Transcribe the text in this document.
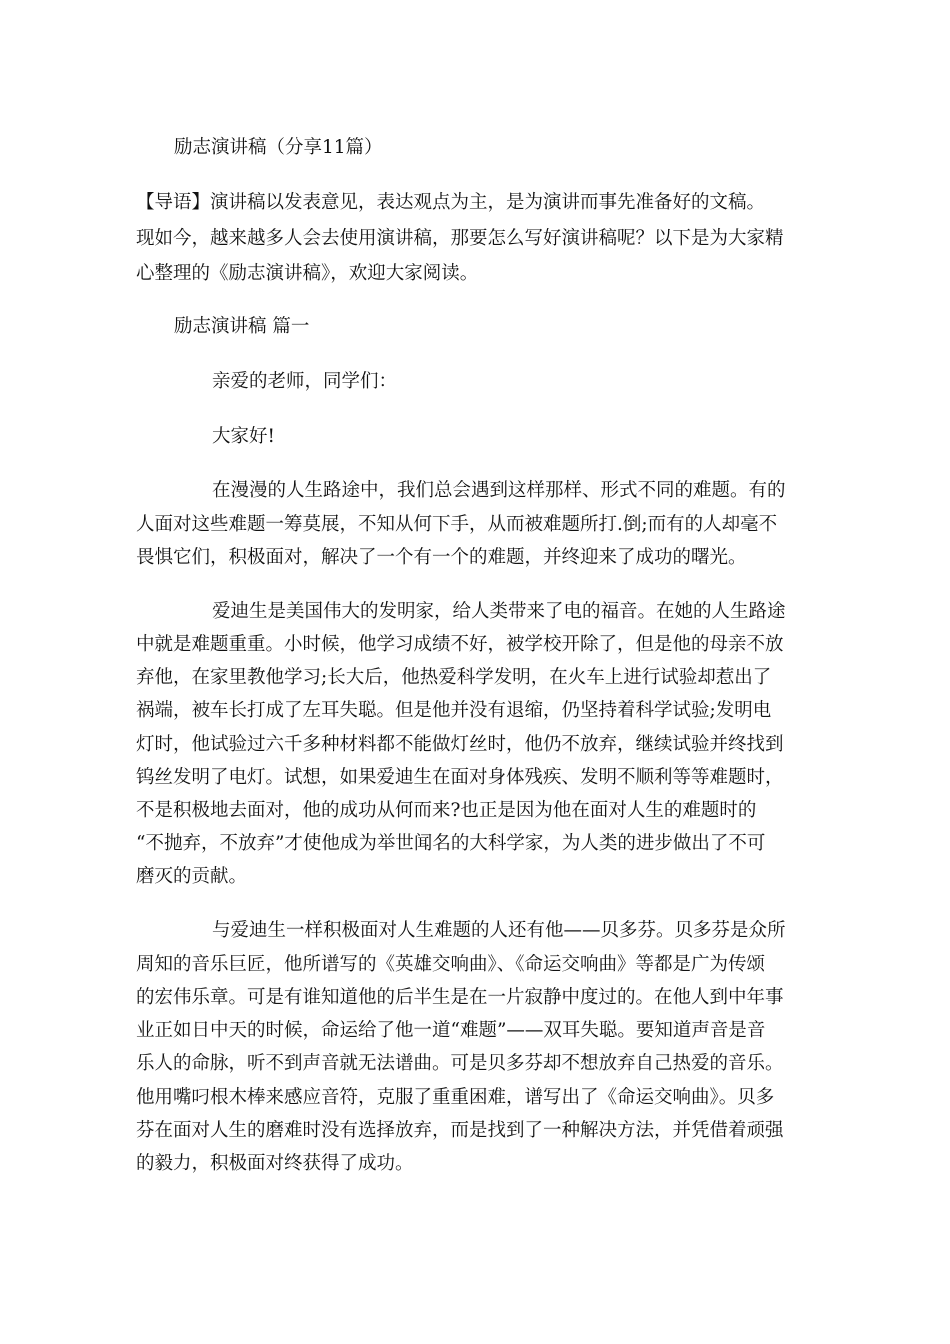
励志演讲稿（分享11篇）
【导语】演讲稿以发表意见，表达观点为主，是为演讲而事先准备好的文稿。
现如今，越来越多人会去使用演讲稿，那要怎么写好演讲稿呢？以下是为大家精
心整理的《励志演讲稿》，欢迎大家阅读。
励志演讲稿 篇一
亲爱的老师，同学们：
大家好!
在漫漫的人生路途中，我们总会遇到这样那样、形式不同的难题。有的
人面对这些难题一筹莫展，不知从何下手，从而被难题所打.倒;而有的人却毫不
畏惧它们，积极面对，解决了一个有一个的难题，并终迎来了成功的曙光。
爱迪生是美国伟大的发明家，给人类带来了电的福音。在她的人生路途
中就是难题重重。小时候，他学习成绩不好，被学校开除了，但是他的母亲不放
弃他，在家里教他学习;长大后，他热爱科学发明，在火车上进行试验却惹出了
祸端，被车长打成了左耳失聪。但是他并没有退缩，仍坚持着科学试验;发明电
灯时，他试验过六千多种材料都不能做灯丝时，他仍不放弃，继续试验并终找到
钨丝发明了电灯。试想，如果爱迪生在面对身体残疾、发明不顺利等等难题时，
不是积极地去面对，他的成功从何而来?也正是因为他在面对人生的难题时的
“不抛弃，不放弃”才使他成为举世闻名的大科学家，为人类的进步做出了不可
磨灭的贡献。
与爱迪生一样积极面对人生难题的人还有他——贝多芬。贝多芬是众所
周知的音乐巨匠，他所谱写的《英雄交响曲》、《命运交响曲》等都是广为传颂
的宏伟乐章。可是有谁知道他的后半生是在一片寂静中度过的。在他人到中年事
业正如日中天的时候，命运给了他一道“难题”——双耳失聪。要知道声音是音
乐人的命脉，听不到声音就无法谱曲。可是贝多芬却不想放弃自己热爱的音乐。
他用嘴叼根木棒来感应音符，克服了重重困难，谱写出了《命运交响曲》。贝多
芬在面对人生的磨难时没有选择放弃，而是找到了一种解决方法，并凭借着顽强
的毅力，积极面对终获得了成功。
